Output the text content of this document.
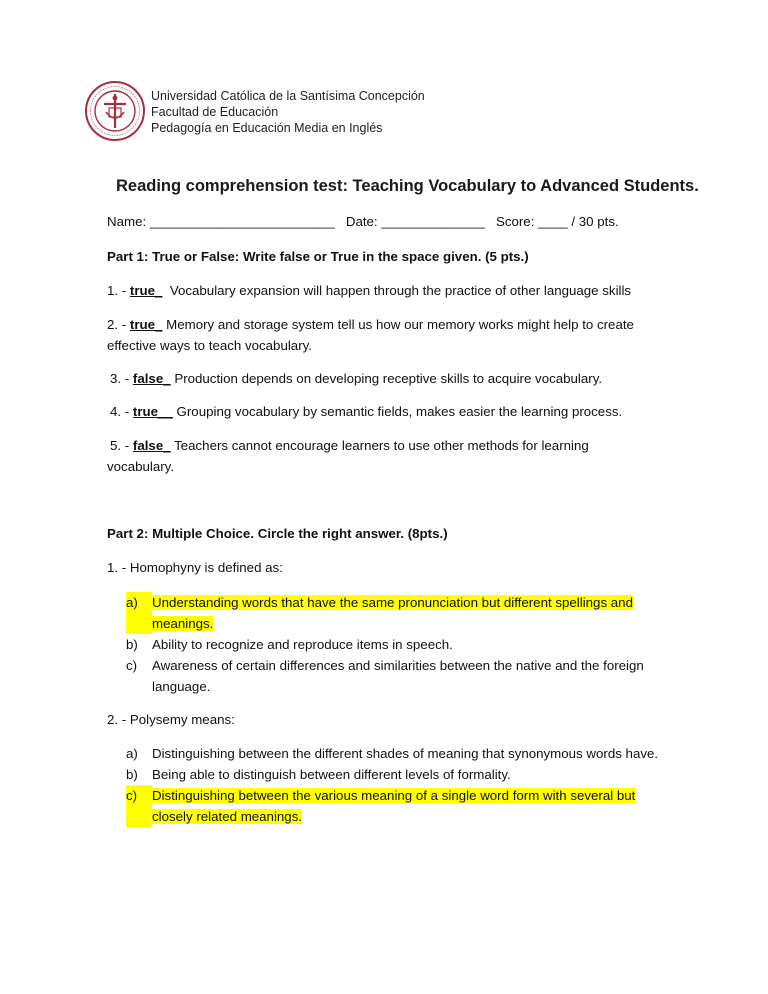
Universidad Católica de la Santísima Concepción
Facultad de Educación
Pedagogía en Educación Media en Inglés
Reading comprehension test: Teaching Vocabulary to Advanced Students.
Name: _________________________ Date: ______________ Score: ____ / 30 pts.
Part 1: True or False: Write false or True in the space given. (5 pts.)
1. - true_ Vocabulary expansion will happen through the practice of other language skills
2. - true_ Memory and storage system tell us how our memory works might help to create effective ways to teach vocabulary.
3. - false_ Production depends on developing receptive skills to acquire vocabulary.
4. - true__ Grouping vocabulary by semantic fields, makes easier the learning process.
5. - false_ Teachers cannot encourage learners to use other methods for learning vocabulary.
Part 2: Multiple Choice. Circle the right answer. (8pts.)
1. - Homophyny is defined as:
a)	Understanding words that have the same pronunciation but different spellings and meanings.
b)	Ability to recognize and reproduce items in speech.
c)	Awareness of certain differences and similarities between the native and the foreign language.
2. - Polysemy means:
a)	Distinguishing between the different shades of meaning that synonymous words have.
b)	Being able to distinguish between different levels of formality.
c)	Distinguishing between the various meaning of a single word form with several but closely related meanings.
